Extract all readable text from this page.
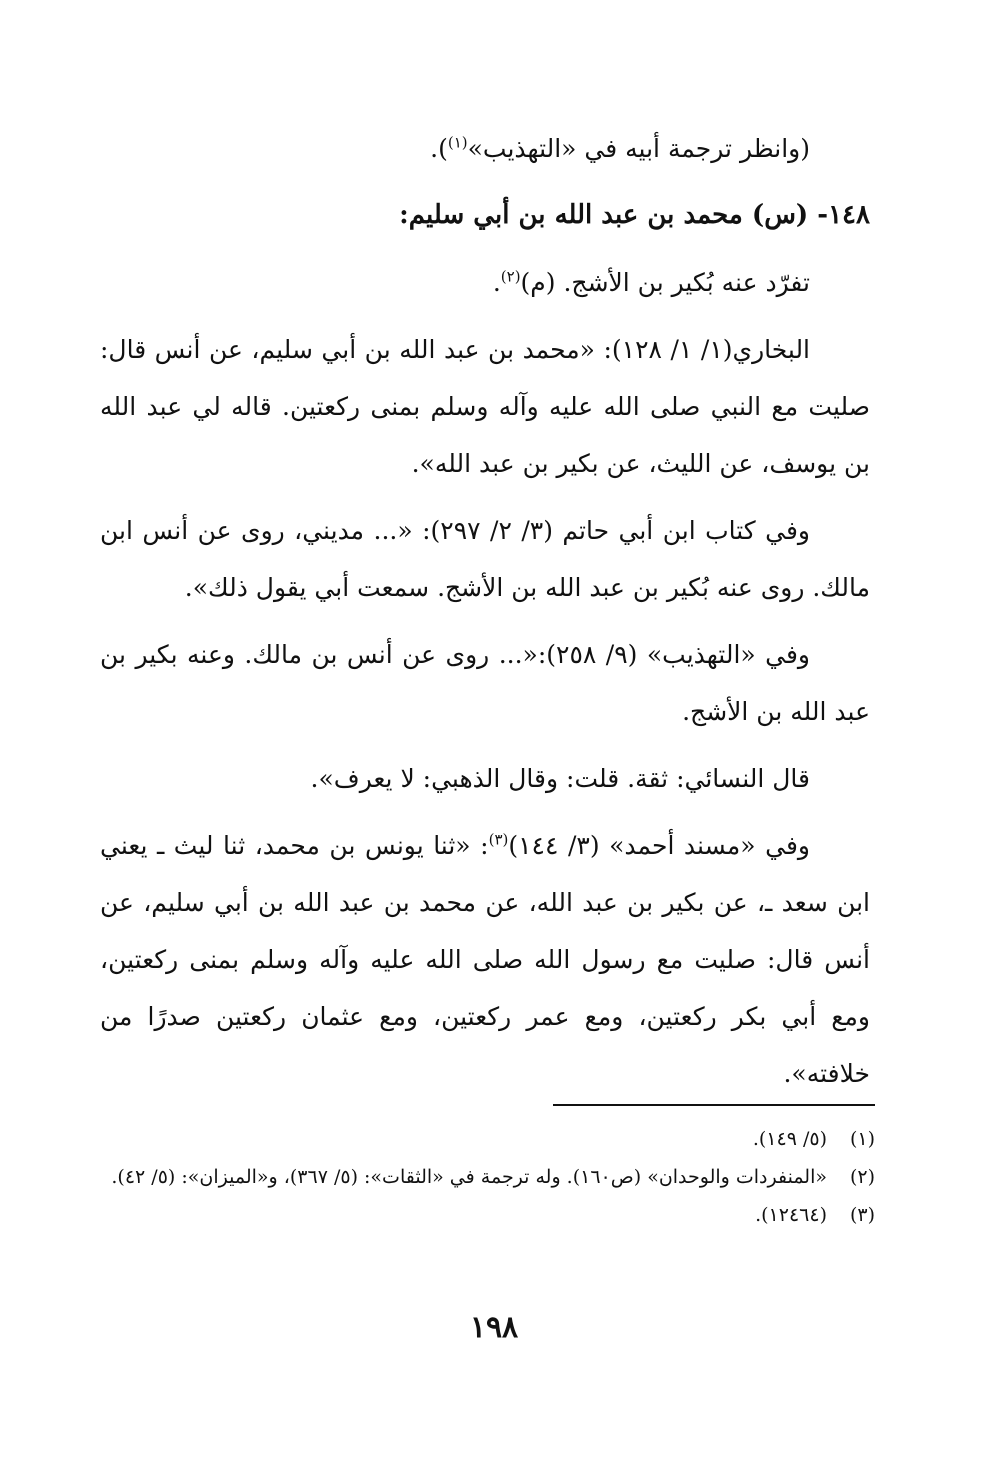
(وانظر ترجمة أبيه في «التهذيب»$^{(١)}$).

١٤٨- (س) محمد بن عبد الله بن أبي سليم:

تفرّد عنه بُكير بن الأشج. (م)$^{(٢)}$.

البخاري(١/ ١/ ١٢٨): «محمد بن عبد الله بن أبي سليم، عن أنس قال: صليت مع النبي صلى الله عليه وآله وسلم بمنى ركعتين. قاله لي عبد الله بن يوسف، عن الليث، عن بكير بن عبد الله».

وفي كتاب ابن أبي حاتم (٣/ ٢/ ٢٩٧): «... مديني، روى عن أنس ابن مالك. روى عنه بُكير بن عبد الله بن الأشج. سمعت أبي يقول ذلك».

وفي «التهذيب» (٩/ ٢٥٨):«... روى عن أنس بن مالك. وعنه بكير بن عبد الله بن الأشج.

قال النسائي: ثقة. قلت: وقال الذهبي: لا يعرف».

وفي «مسند أحمد» (٣/ ١٤٤)$^{(٣)}$: «ثنا يونس بن محمد، ثنا ليث ـ يعني ابن سعد ـ، عن بكير بن عبد الله، عن محمد بن عبد الله بن أبي سليم، عن أنس قال: صليت مع رسول الله صلى الله عليه وآله وسلم بمنى ركعتين، ومع أبي بكر ركعتين، ومع عمر ركعتين، ومع عثمان ركعتين صدرًا من خلافته».

(١)
(٥/ ١٤٩).
(٢)
«المنفردات والوحدان» (ص١٦٠). وله ترجمة في «الثقات»: (٥/ ٣٦٧)، و«الميزان»: (٥/ ٤٢).
(٣)
(١٢٤٦٤).
١٩٨
